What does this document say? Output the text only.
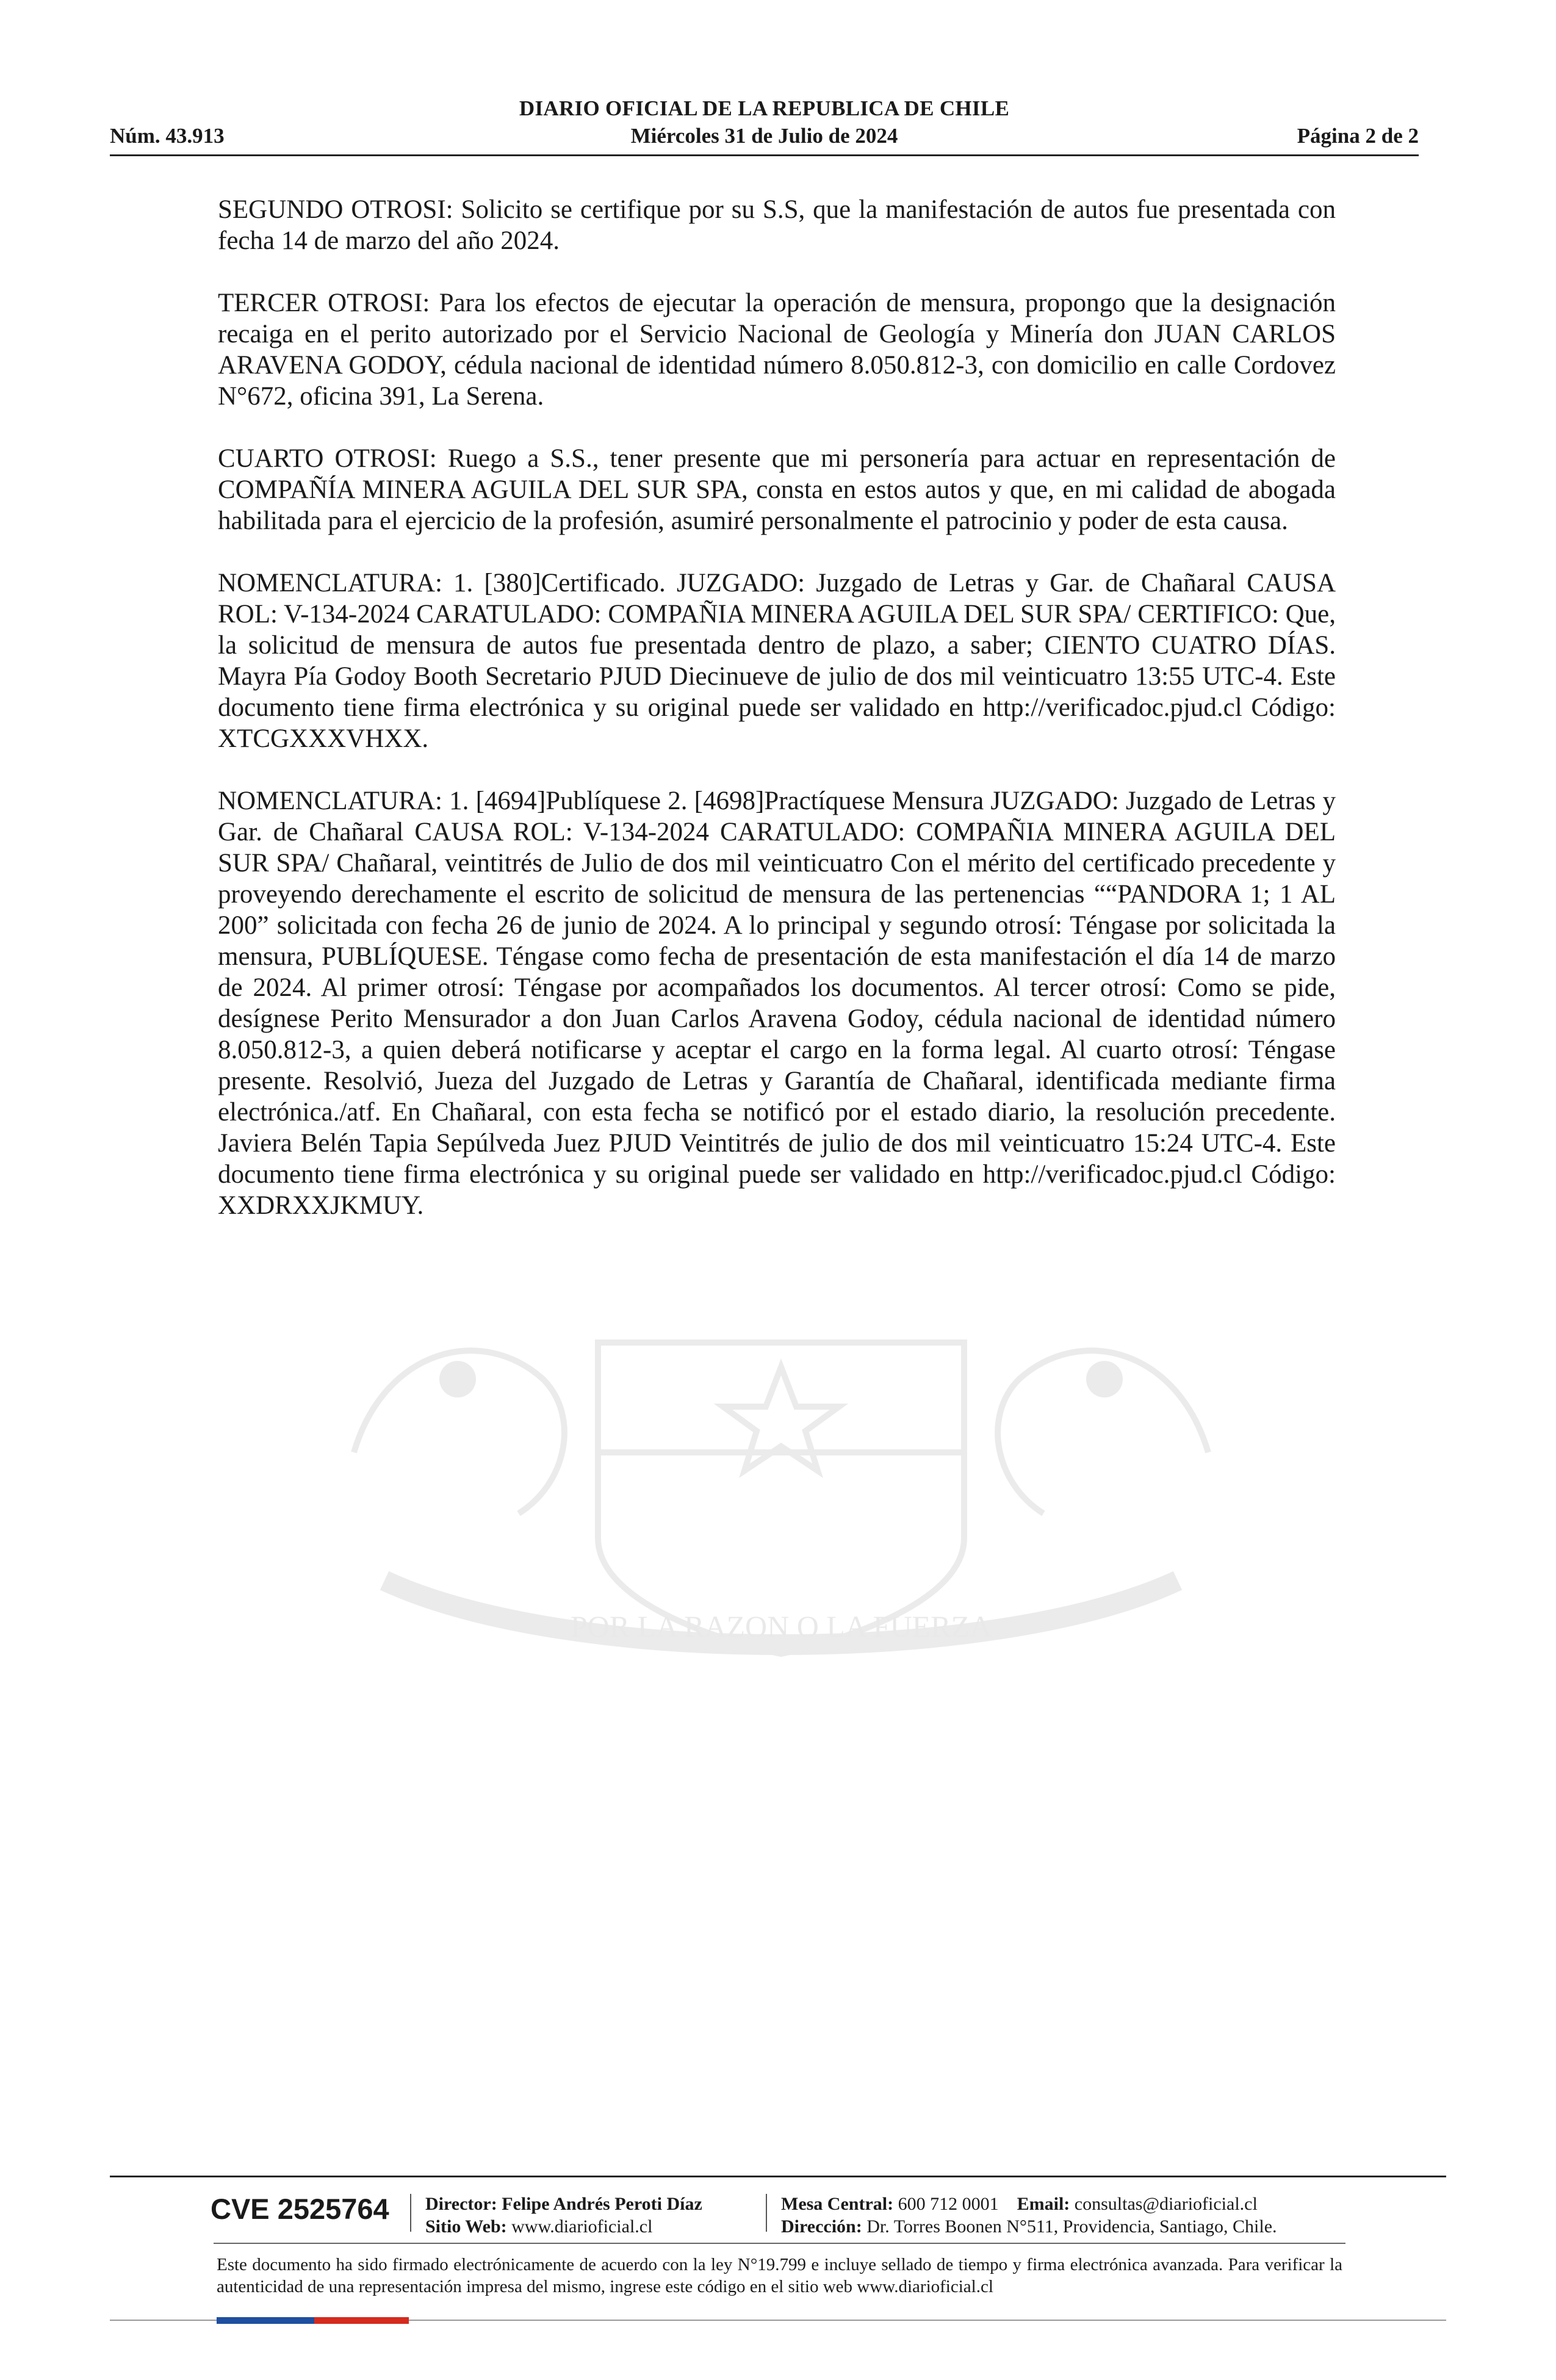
DIARIO OFICIAL DE LA REPUBLICA DE CHILE
Núm. 43.913	Miércoles 31 de Julio de 2024	Página 2 de 2
POR LA RAZON O LA FUERZA

SEGUNDO OTROSI: Solicito se certifique por su S.S, que la manifestación de autos fue presentada con fecha 14 de marzo del año 2024.

TERCER OTROSI: Para los efectos de ejecutar la operación de mensura, propongo que la designación recaiga en el perito autorizado por el Servicio Nacional de Geología y Minería don JUAN CARLOS ARAVENA GODOY, cédula nacional de identidad número 8.050.812-3, con domicilio en calle Cordovez N°672, oficina 391, La Serena.

CUARTO OTROSI: Ruego a S.S., tener presente que mi personería para actuar en representación de COMPAÑÍA MINERA AGUILA DEL SUR SPA, consta en estos autos y que, en mi calidad de abogada habilitada para el ejercicio de la profesión, asumiré personalmente el patrocinio y poder de esta causa.

NOMENCLATURA: 1. [380]Certificado. JUZGADO: Juzgado de Letras y Gar. de Chañaral CAUSA ROL: V-134-2024 CARATULADO: COMPAÑIA MINERA AGUILA DEL SUR SPA/ CERTIFICO: Que, la solicitud de mensura de autos fue presentada dentro de plazo, a saber; CIENTO CUATRO DÍAS. Mayra Pía Godoy Booth Secretario PJUD Diecinueve de julio de dos mil veinticuatro 13:55 UTC-4. Este documento tiene firma electrónica y su original puede ser validado en http://verificadoc.pjud.cl Código: XTCGXXXVHXX.

NOMENCLATURA: 1. [4694]Publíquese 2. [4698]Practíquese Mensura JUZGADO: Juzgado de Letras y Gar. de Chañaral CAUSA ROL: V-134-2024 CARATULADO: COMPAÑIA MINERA AGUILA DEL SUR SPA/ Chañaral, veintitrés de Julio de dos mil veinticuatro Con el mérito del certificado precedente y proveyendo derechamente el escrito de solicitud de mensura de las pertenencias ““PANDORA 1; 1 AL 200” solicitada con fecha 26 de junio de 2024. A lo principal y segundo otrosí: Téngase por solicitada la mensura, PUBLÍQUESE. Téngase como fecha de presentación de esta manifestación el día 14 de marzo de 2024. Al primer otrosí: Téngase por acompañados los documentos. Al tercer otrosí: Como se pide, desígnese Perito Mensurador a don Juan Carlos Aravena Godoy, cédula nacional de identidad número 8.050.812-3, a quien deberá notificarse y aceptar el cargo en la forma legal. Al cuarto otrosí: Téngase presente. Resolvió, Jueza del Juzgado de Letras y Garantía de Chañaral, identificada mediante firma electrónica./atf. En Chañaral, con esta fecha se notificó por el estado diario, la resolución precedente. Javiera Belén Tapia Sepúlveda Juez PJUD Veintitrés de julio de dos mil veinticuatro 15:24 UTC-4. Este documento tiene firma electrónica y su original puede ser validado en http://verificadoc.pjud.cl Código: XXDRXXJKMUY.

CVE 2525764 Director: Felipe Andrés Peroti Díaz
Sitio Web: www.diarioficial.cl
Mesa Central: 600 712 0001 Email: consultas@diarioficial.cl
Dirección: Dr. Torres Boonen N°511, Providencia, Santiago, Chile.
Este documento ha sido firmado electrónicamente de acuerdo con la ley N°19.799 e incluye sellado de tiempo y firma electrónica avanzada. Para verificar la autenticidad de una representación impresa del mismo, ingrese este código en el sitio web www.diarioficial.cl
